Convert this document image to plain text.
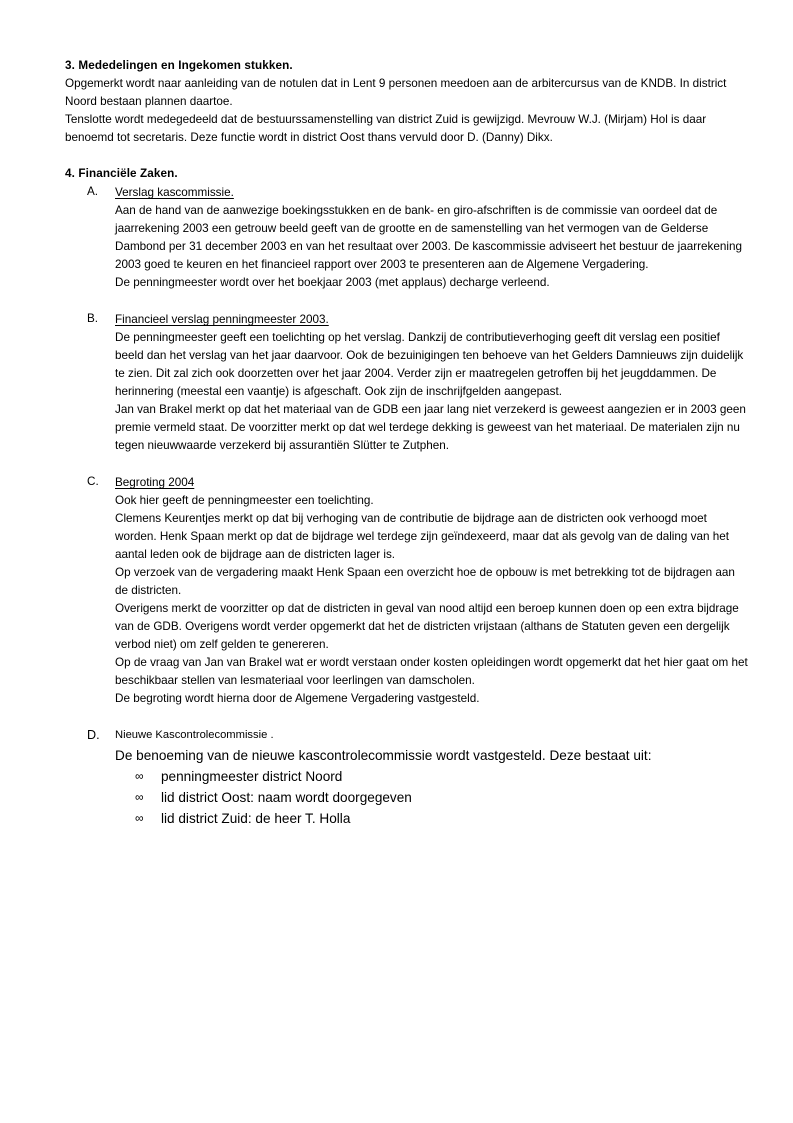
3. Mededelingen en Ingekomen stukken.

Opgemerkt wordt naar aanleiding van de notulen dat in Lent 9 personen meedoen aan de arbitercursus van de KNDB. In district Noord bestaan plannen daartoe.

Tenslotte wordt medegedeeld dat de bestuurssamenstelling van district Zuid is gewijzigd. Mevrouw W.J. (Mirjam) Hol is daar benoemd tot secretaris. Deze functie wordt in district Oost thans vervuld door D. (Danny) Dikx.

4. Financiële Zaken.
A. Verslag kascommissie.

Aan de hand van de aanwezige boekingsstukken en de bank- en giro-afschriften is de commissie van oordeel dat de jaarrekening 2003 een getrouw beeld geeft van de grootte en de samenstelling van het vermogen van de Gelderse Dambond per 31 december 2003 en van het resultaat over 2003. De kascommissie adviseert het bestuur de jaarrekening 2003 goed te keuren en het financieel rapport over 2003 te presenteren aan de Algemene Vergadering.

De penningmeester wordt over het boekjaar 2003 (met applaus) decharge verleend.

B. Financieel verslag penningmeester 2003.

De penningmeester geeft een toelichting op het verslag. Dankzij de contributieverhoging geeft dit verslag een positief beeld dan het verslag van het jaar daarvoor. Ook de bezuinigingen ten behoeve van het Gelders Damnieuws zijn duidelijk te zien. Dit zal zich ook doorzetten over het jaar 2004. Verder zijn er maatregelen getroffen bij het jeugddammen. De herinnering (meestal een vaantje) is afgeschaft. Ook zijn de inschrijfgelden aangepast.

Jan van Brakel merkt op dat het materiaal van de GDB een jaar lang niet verzekerd is geweest aangezien er in 2003 geen premie vermeld staat. De voorzitter merkt op dat wel terdege dekking is geweest van het materiaal. De materialen zijn nu tegen nieuwwaarde verzekerd bij assurantiën Slütter te Zutphen.

C. Begroting 2004

Ook hier geeft de penningmeester een toelichting.

Clemens Keurentjes merkt op dat bij verhoging van de contributie de bijdrage aan de districten ook verhoogd moet worden. Henk Spaan merkt op dat de bijdrage wel terdege zijn geïndexeerd, maar dat als gevolg van de daling van het aantal leden ook de bijdrage aan de districten lager is.

Op verzoek van de vergadering maakt Henk Spaan een overzicht hoe de opbouw is met betrekking tot de bijdragen aan de districten.

Overigens merkt de voorzitter op dat de districten in geval van nood altijd een beroep kunnen doen op een extra bijdrage van de GDB. Overigens wordt verder opgemerkt dat het de districten vrijstaan (althans de Statuten geven een dergelijk verbod niet) om zelf gelden te genereren.

Op de vraag van Jan van Brakel wat er wordt verstaan onder kosten opleidingen wordt opgemerkt dat het hier gaat om het beschikbaar stellen van lesmateriaal voor leerlingen van damscholen.

De begroting wordt hierna door de Algemene Vergadering vastgesteld.

D. Nieuwe Kascontrolecommissie .

De benoeming van de nieuwe kascontrolecommissie wordt vastgesteld. Deze bestaat uit:

∞ penningmeester district Noord
∞ lid district Oost: naam wordt doorgegeven
∞ lid district Zuid: de heer T. Holla
